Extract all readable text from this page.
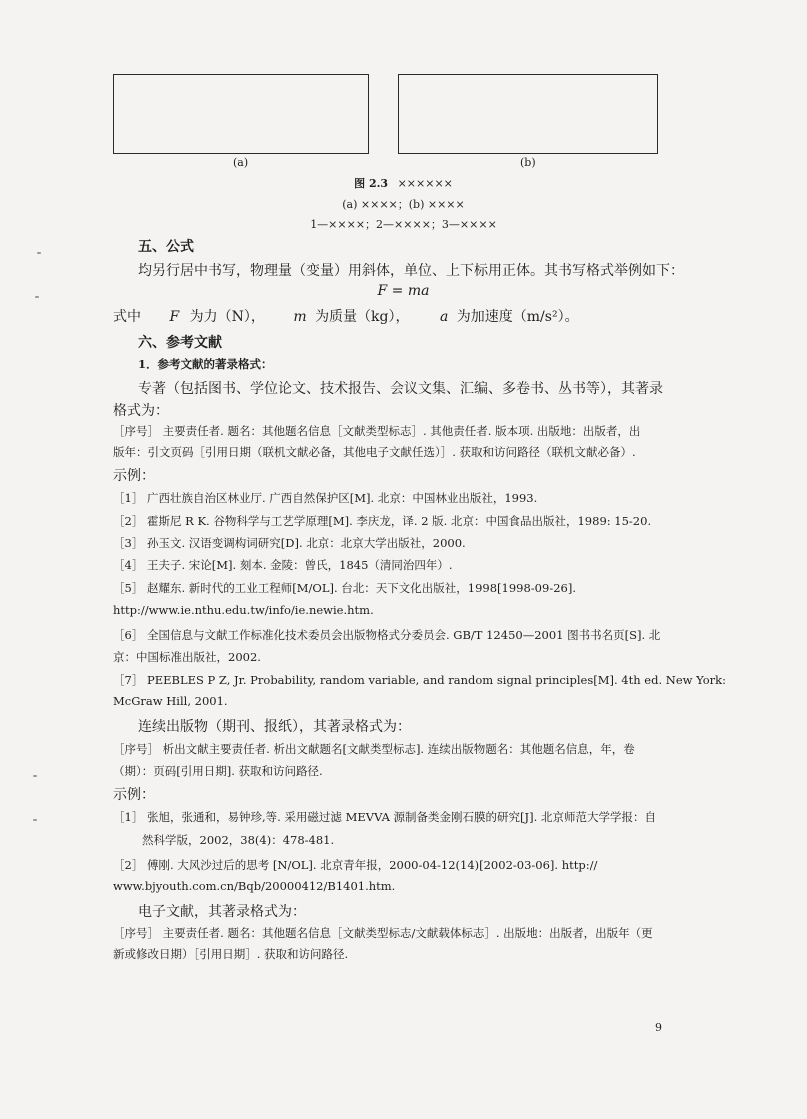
(a)	(b)
图 2.3 ××××××
(a) ××××；(b) ××××
1—××××；2—××××；3—××××
五、公式
均另行居中书写，物理量（变量）用斜体，单位、上下标用正体。其书写格式举例如下：
F = ma
式中 F 为力（N）， m 为质量（kg）， a 为加速度（m/s²）。
六、参考文献
1．参考文献的著录格式：
专著（包括图书、学位论文、技术报告、会议文集、汇编、多卷书、丛书等），其著录
格式为：
［序号］ 主要责任者. 题名：其他题名信息［文献类型标志］. 其他责任者. 版本项. 出版地：出版者，出
版年：引文页码［引用日期（联机文献必备，其他电子文献任选）］. 获取和访问路径（联机文献必备）.
示例：
［1］ 广西壮族自治区林业厅. 广西自然保护区[M]. 北京：中国林业出版社，1993.
［2］ 霍斯尼 R K. 谷物科学与工艺学原理[M]. 李庆龙，译. 2 版. 北京：中国食品出版社，1989: 15-20.
［3］ 孙玉文. 汉语变调构词研究[D]. 北京：北京大学出版社，2000.
［4］ 王夫子. 宋论[M]. 刻本. 金陵：曾氏，1845（清同治四年）.
［5］ 赵耀东. 新时代的工业工程师[M/OL]. 台北：天下文化出版社，1998[1998-09-26].
http://www.ie.nthu.edu.tw/info/ie.newie.htm.
［6］ 全国信息与文献工作标准化技术委员会出版物格式分委员会. GB/T 12450—2001 图书书名页[S]. 北
京：中国标准出版社，2002.
［7］ PEEBLES P Z, Jr. Probability, random variable, and random signal principles[M]. 4th ed. New York:
McGraw Hill, 2001.
连续出版物（期刊、报纸），其著录格式为：
［序号］ 析出文献主要责任者. 析出文献题名[文献类型标志]. 连续出版物题名：其他题名信息，年，卷
（期）：页码[引用日期]. 获取和访问路径.
示例：
［1］ 张旭，张通和，易钟珍,等. 采用磁过滤 MEVVA 源制备类金刚石膜的研究[J]. 北京师范大学学报：自
然科学版，2002，38(4)：478-481.
［2］ 傅刚. 大风沙过后的思考 [N/OL]. 北京青年报，2000-04-12(14)[2002-03-06]. http://
www.bjyouth.com.cn/Bqb/20000412/B1401.htm.
电子文献，其著录格式为：
［序号］ 主要责任者. 题名：其他题名信息［文献类型标志/文献载体标志］. 出版地：出版者，出版年（更
新或修改日期）［引用日期］. 获取和访问路径.
9
